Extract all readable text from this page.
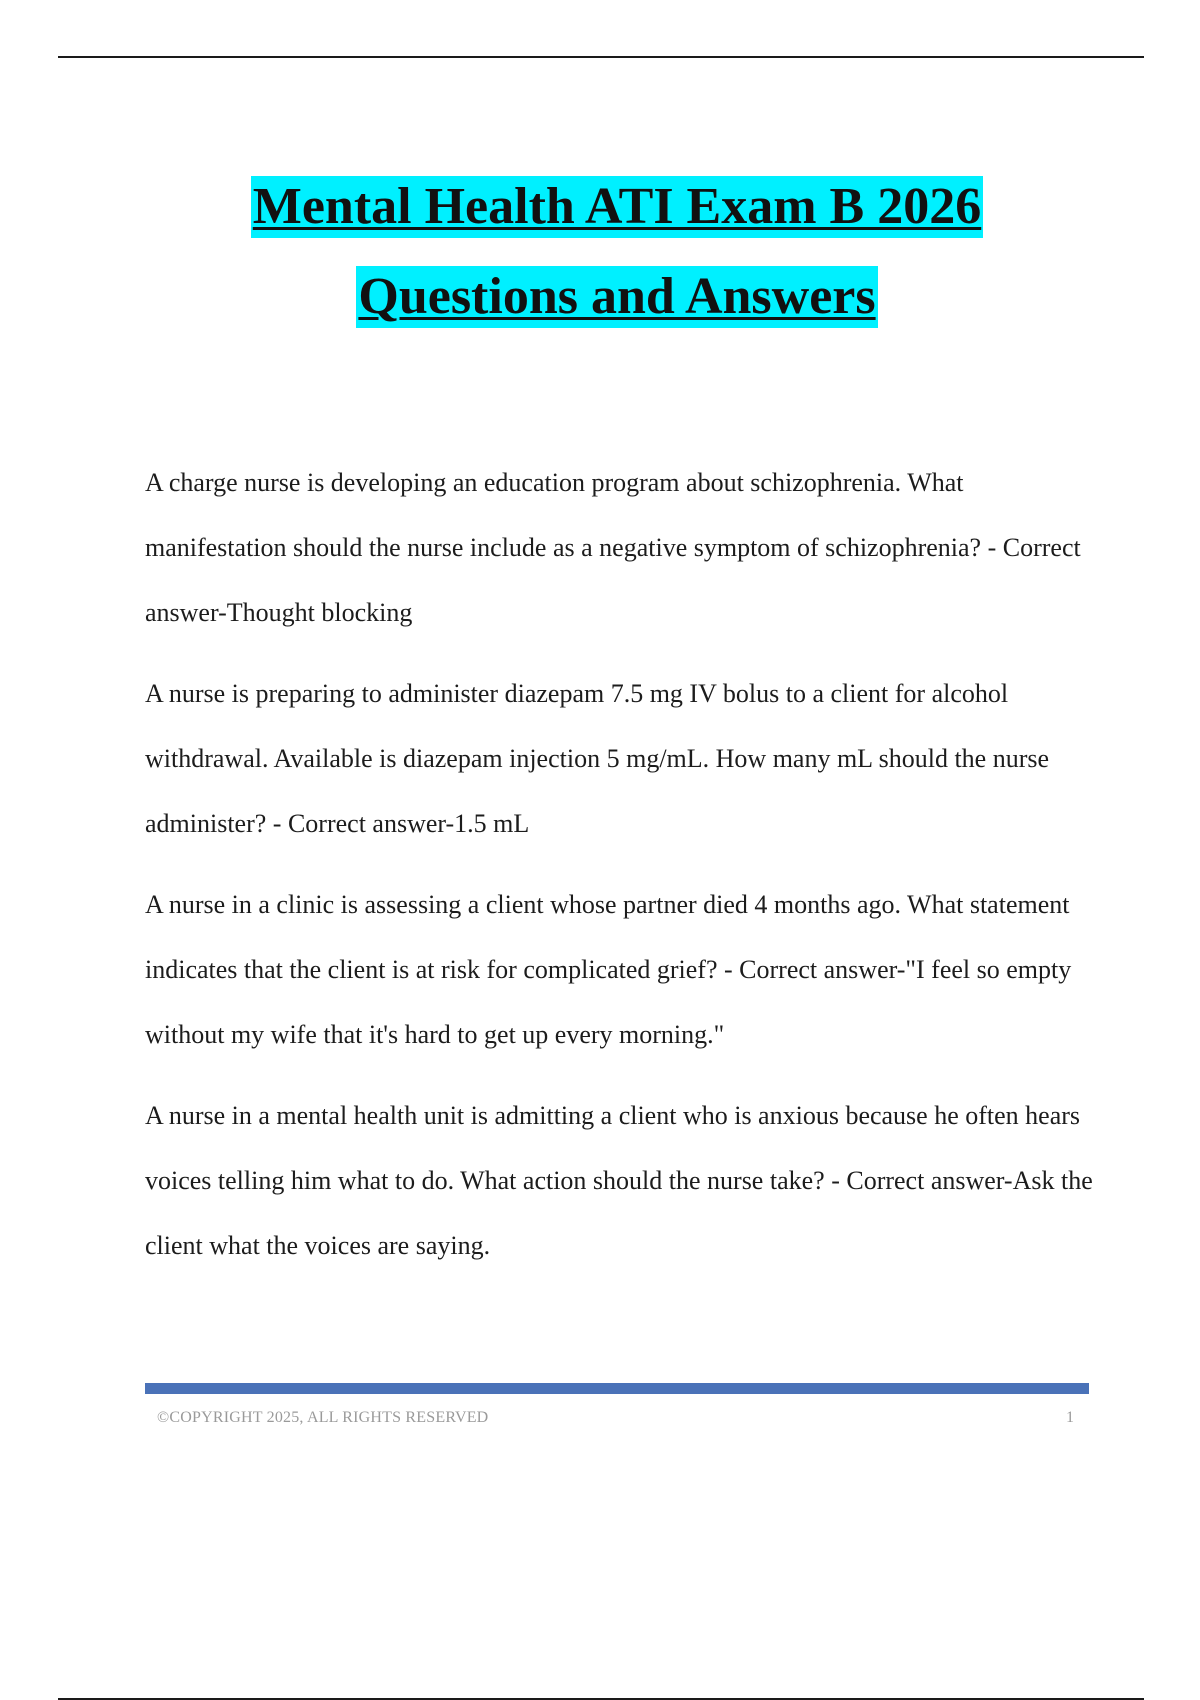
Mental Health ATI Exam B 2026
Questions and Answers

A charge nurse is developing an education program about schizophrenia. What manifestation should the nurse include as a negative symptom of schizophrenia? - Correct answer-Thought blocking

A nurse is preparing to administer diazepam 7.5 mg IV bolus to a client for alcohol withdrawal. Available is diazepam injection 5 mg/mL. How many mL should the nurse administer? - Correct answer-1.5 mL

A nurse in a clinic is assessing a client whose partner died 4 months ago. What statement indicates that the client is at risk for complicated grief? - Correct answer-"I feel so empty without my wife that it's hard to get up every morning."

A nurse in a mental health unit is admitting a client who is anxious because he often hears voices telling him what to do. What action should the nurse take? - Correct answer-Ask the client what the voices are saying.

©COPYRIGHT 2025, ALL RIGHTS RESERVED	1
